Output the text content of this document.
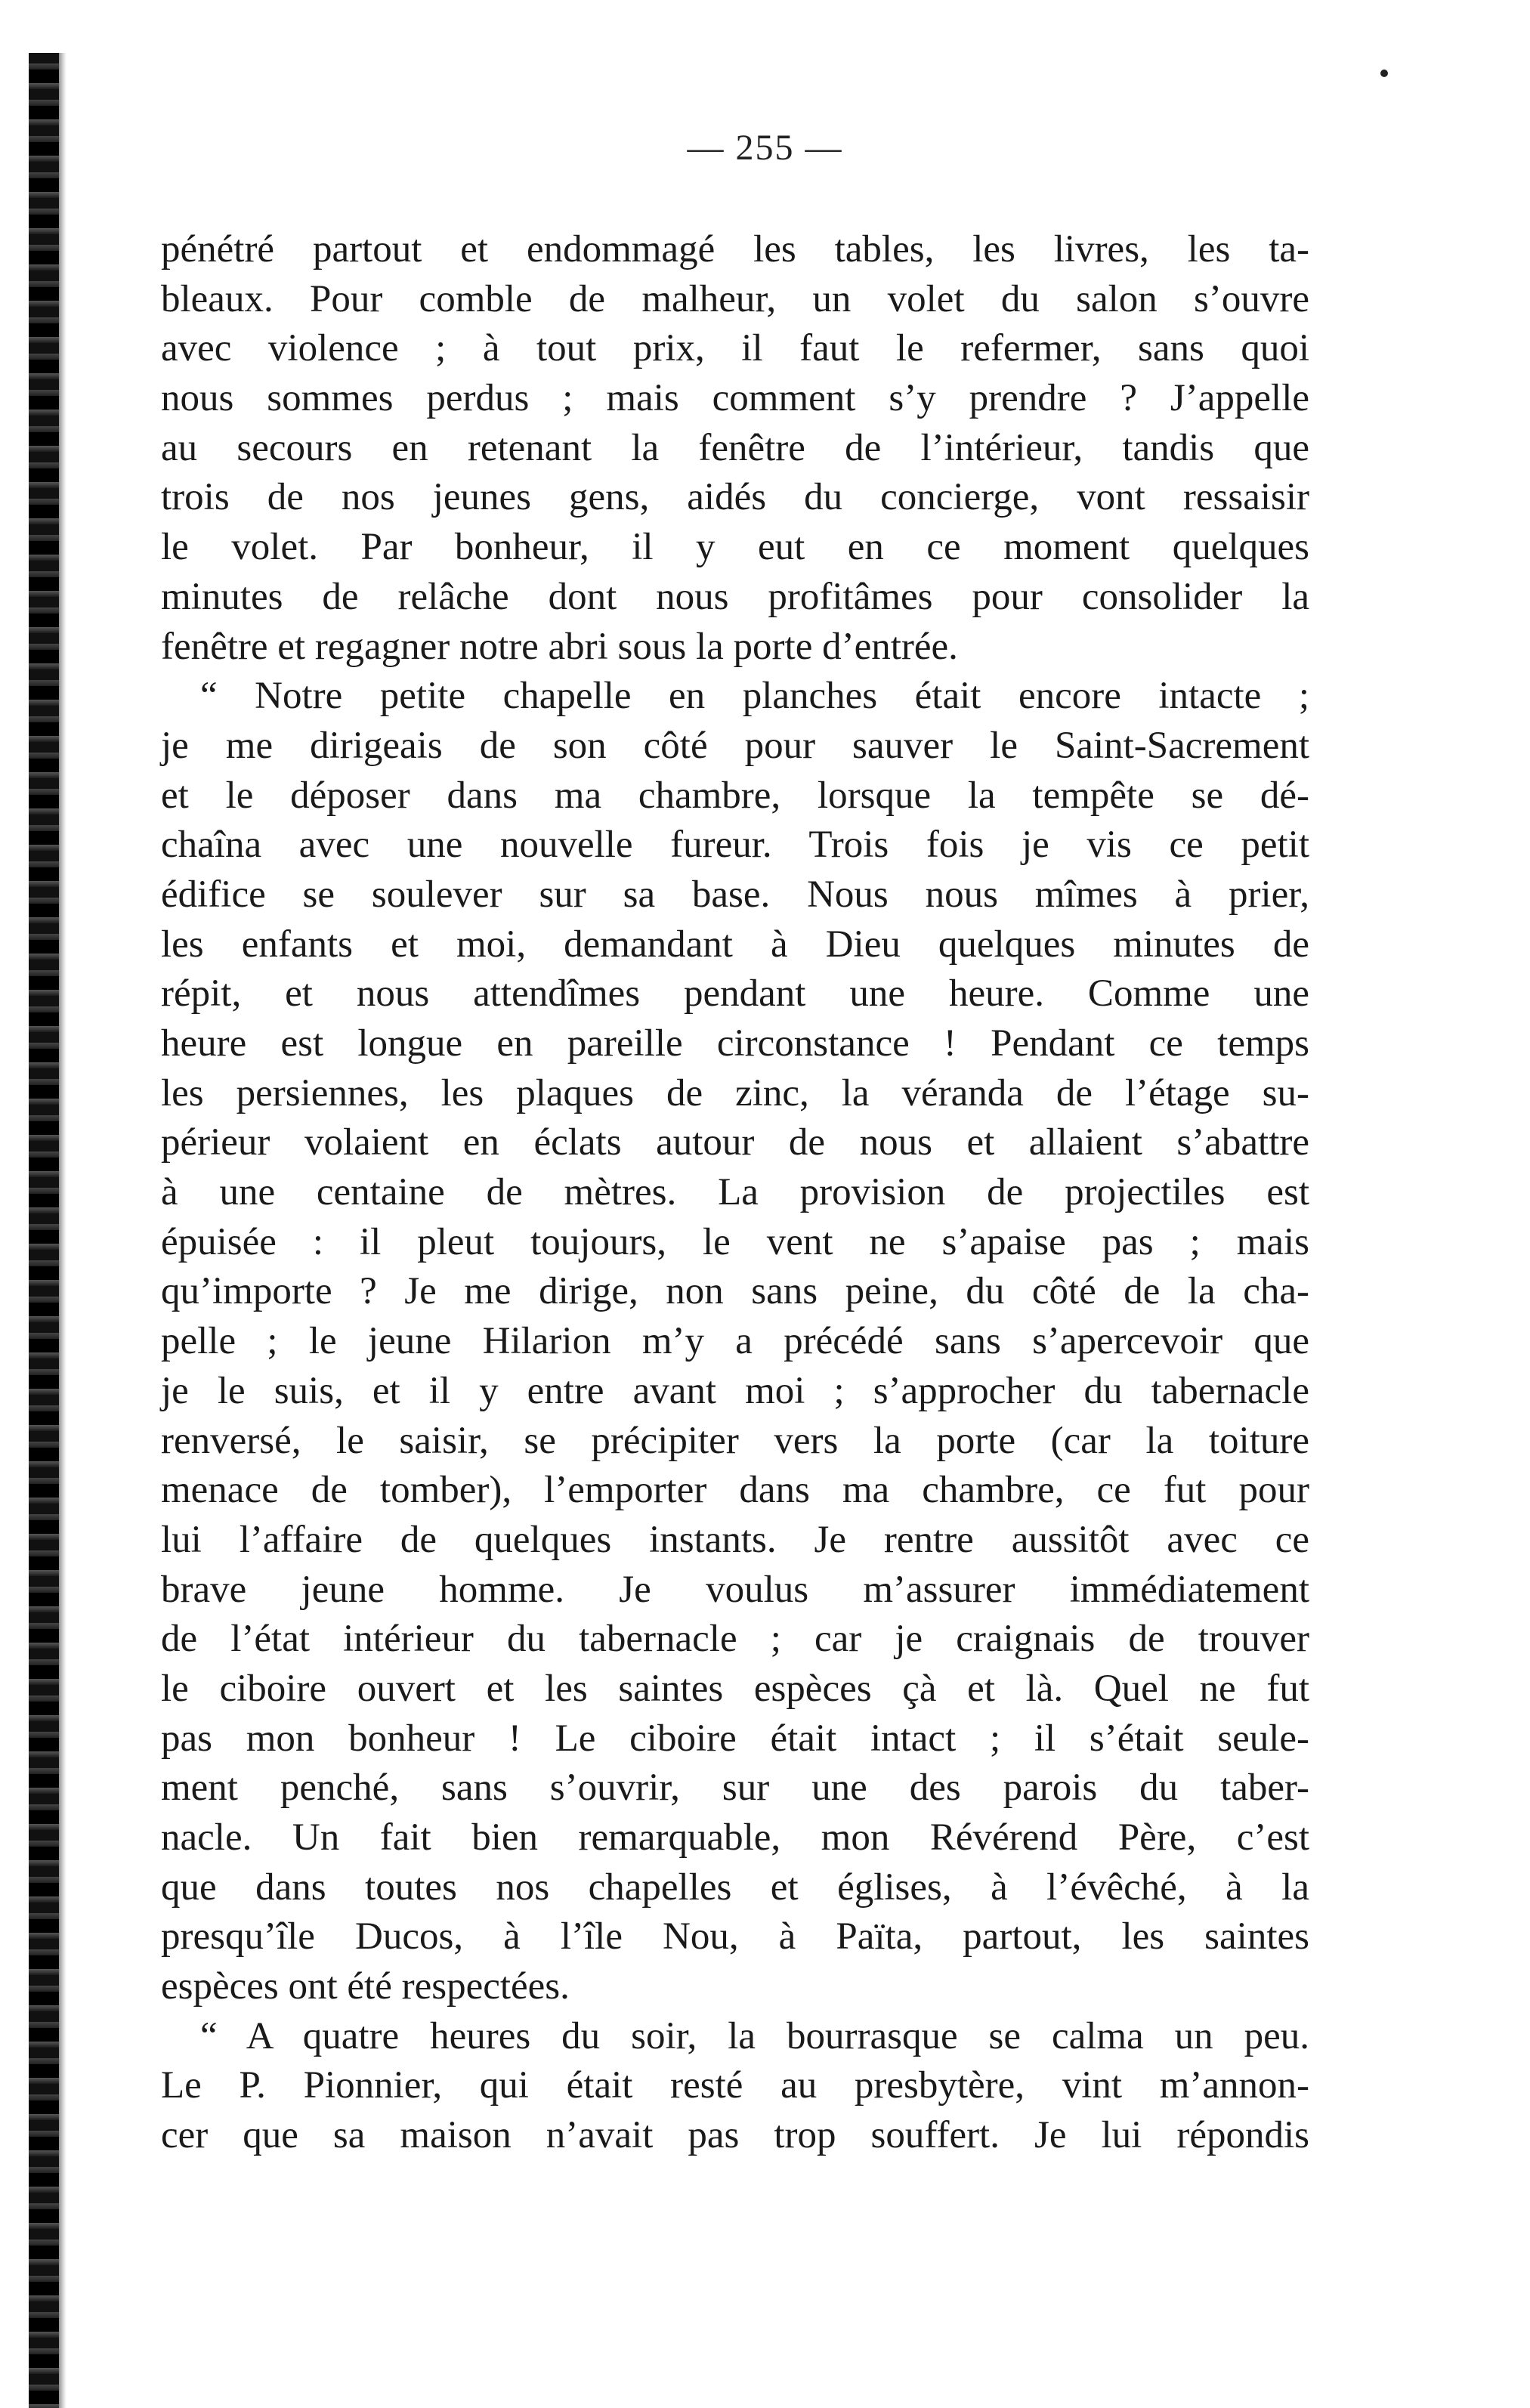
— 255 —
pénétré partout et endommagé les tables, les livres, les ta-
bleaux. Pour comble de malheur, un volet du salon s’ouvre
avec violence ; à tout prix, il faut le refermer, sans quoi
nous sommes perdus ; mais comment s’y prendre ? J’appelle
au secours en retenant la fenêtre de l’intérieur, tandis que
trois de nos jeunes gens, aidés du concierge, vont ressaisir
le volet. Par bonheur, il y eut en ce moment quelques
minutes de relâche dont nous profitâmes pour consolider la
fenêtre et regagner notre abri sous la porte d’entrée.
“ Notre petite chapelle en planches était encore intacte ;
je me dirigeais de son côté pour sauver le Saint-Sacrement
et le déposer dans ma chambre, lorsque la tempête se dé-
chaîna avec une nouvelle fureur. Trois fois je vis ce petit
édifice se soulever sur sa base. Nous nous mîmes à prier,
les enfants et moi, demandant à Dieu quelques minutes de
répit, et nous attendîmes pendant une heure. Comme une
heure est longue en pareille circonstance ! Pendant ce temps
les persiennes, les plaques de zinc, la véranda de l’étage su-
périeur volaient en éclats autour de nous et allaient s’abattre
à une centaine de mètres. La provision de projectiles est
épuisée : il pleut toujours, le vent ne s’apaise pas ; mais
qu’importe ? Je me dirige, non sans peine, du côté de la cha-
pelle ; le jeune Hilarion m’y a précédé sans s’apercevoir que
je le suis, et il y entre avant moi ; s’approcher du tabernacle
renversé, le saisir, se précipiter vers la porte (car la toiture
menace de tomber), l’emporter dans ma chambre, ce fut pour
lui l’affaire de quelques instants. Je rentre aussitôt avec ce
brave jeune homme. Je voulus m’assurer immédiatement
de l’état intérieur du tabernacle ; car je craignais de trouver
le ciboire ouvert et les saintes espèces çà et là. Quel ne fut
pas mon bonheur ! Le ciboire était intact ; il s’était seule-
ment penché, sans s’ouvrir, sur une des parois du taber-
nacle. Un fait bien remarquable, mon Révérend Père, c’est
que dans toutes nos chapelles et églises, à l’évêché, à la
presqu’île Ducos, à l’île Nou, à Païta, partout, les saintes
espèces ont été respectées.
“ A quatre heures du soir, la bourrasque se calma un peu.
Le P. Pionnier, qui était resté au presbytère, vint m’annon-
cer que sa maison n’avait pas trop souffert. Je lui répondis
